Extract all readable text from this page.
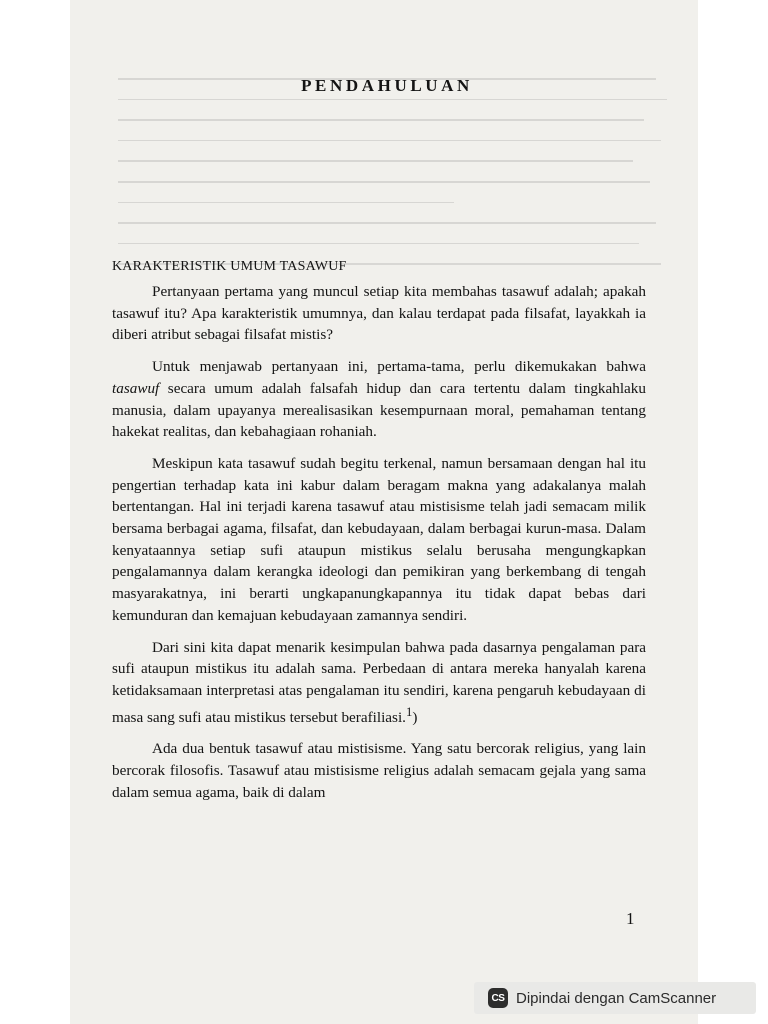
PENDAHULUAN
KARAKTERISTIK UMUM TASAWUF

Pertanyaan pertama yang muncul setiap kita membahas tasawuf adalah; apakah tasawuf itu? Apa karakteristik umumnya, dan kalau terdapat pada filsafat, layakkah ia diberi atribut sebagai filsafat mistis?

Untuk menjawab pertanyaan ini, pertama-tama, perlu dikemukakan bahwa tasawuf secara umum adalah falsafah hidup dan cara tertentu dalam tingkahlaku manusia, dalam upayanya merealisasikan kesempurnaan moral, pemahaman tentang hakekat realitas, dan kebahagiaan rohaniah.

Meskipun kata tasawuf sudah begitu terkenal, namun bersamaan dengan hal itu pengertian terhadap kata ini kabur dalam beragam makna yang adakalanya malah bertentangan. Hal ini terjadi karena tasawuf atau mistisisme telah jadi semacam milik bersama berbagai agama, filsafat, dan kebudayaan, dalam berbagai kurun-masa. Dalam kenyataannya setiap sufi ataupun mistikus selalu berusaha mengungkapkan pengalamannya dalam kerangka ideologi dan pemikiran yang berkembang di tengah masyarakatnya, ini berarti ungkapanungkapannya itu tidak dapat bebas dari kemunduran dan kemajuan kebudayaan zamannya sendiri.

Dari sini kita dapat menarik kesimpulan bahwa pada dasarnya pengalaman para sufi ataupun mistikus itu adalah sama. Perbedaan di antara mereka hanyalah karena ketidaksamaan interpretasi atas pengalaman itu sendiri, karena pengaruh kebudayaan di masa sang sufi atau mistikus tersebut berafiliasi.$^1$)

Ada dua bentuk tasawuf atau mistisisme. Yang satu bercorak religius, yang lain bercorak filosofis. Tasawuf atau mistisisme religius adalah semacam gejala yang sama dalam semua agama, baik di dalam

1

CS Dipindai dengan CamScanner
